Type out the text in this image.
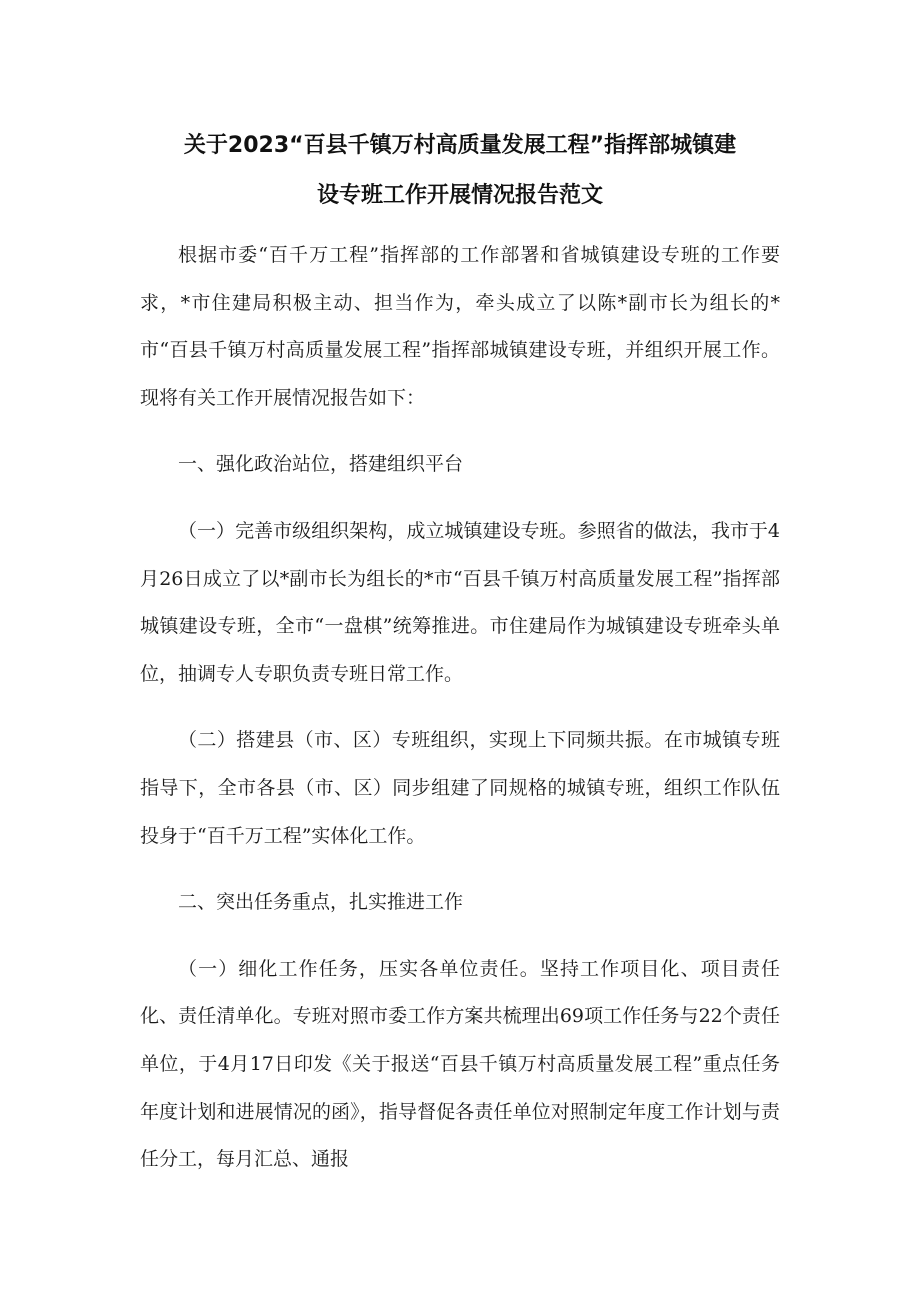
关于2023“百县千镇万村高质量发展工程”指挥部城镇建
设专班工作开展情况报告范文

根据市委“百千万工程”指挥部的工作部署和省城镇建设专班的工作要求，*市住建局积极主动、担当作为，牵头成立了以陈*副市长为组长的*市“百县千镇万村高质量发展工程”指挥部城镇建设专班，并组织开展工作。现将有关工作开展情况报告如下：

一、强化政治站位，搭建组织平台

（一）完善市级组织架构，成立城镇建设专班。参照省的做法，我市于4月26日成立了以*副市长为组长的*市“百县千镇万村高质量发展工程”指挥部城镇建设专班，全市“一盘棋”统筹推进。市住建局作为城镇建设专班牵头单位，抽调专人专职负责专班日常工作。

（二）搭建县（市、区）专班组织，实现上下同频共振。在市城镇专班指导下，全市各县（市、区）同步组建了同规格的城镇专班，组织工作队伍投身于“百千万工程”实体化工作。

二、突出任务重点，扎实推进工作

（一）细化工作任务，压实各单位责任。坚持工作项目化、项目责任化、责任清单化。专班对照市委工作方案共梳理出69项工作任务与22个责任单位，于4月17日印发《关于报送“百县千镇万村高质量发展工程”重点任务年度计划和进展情况的函》，指导督促各责任单位对照制定年度工作计划与责任分工，每月汇总、通报
